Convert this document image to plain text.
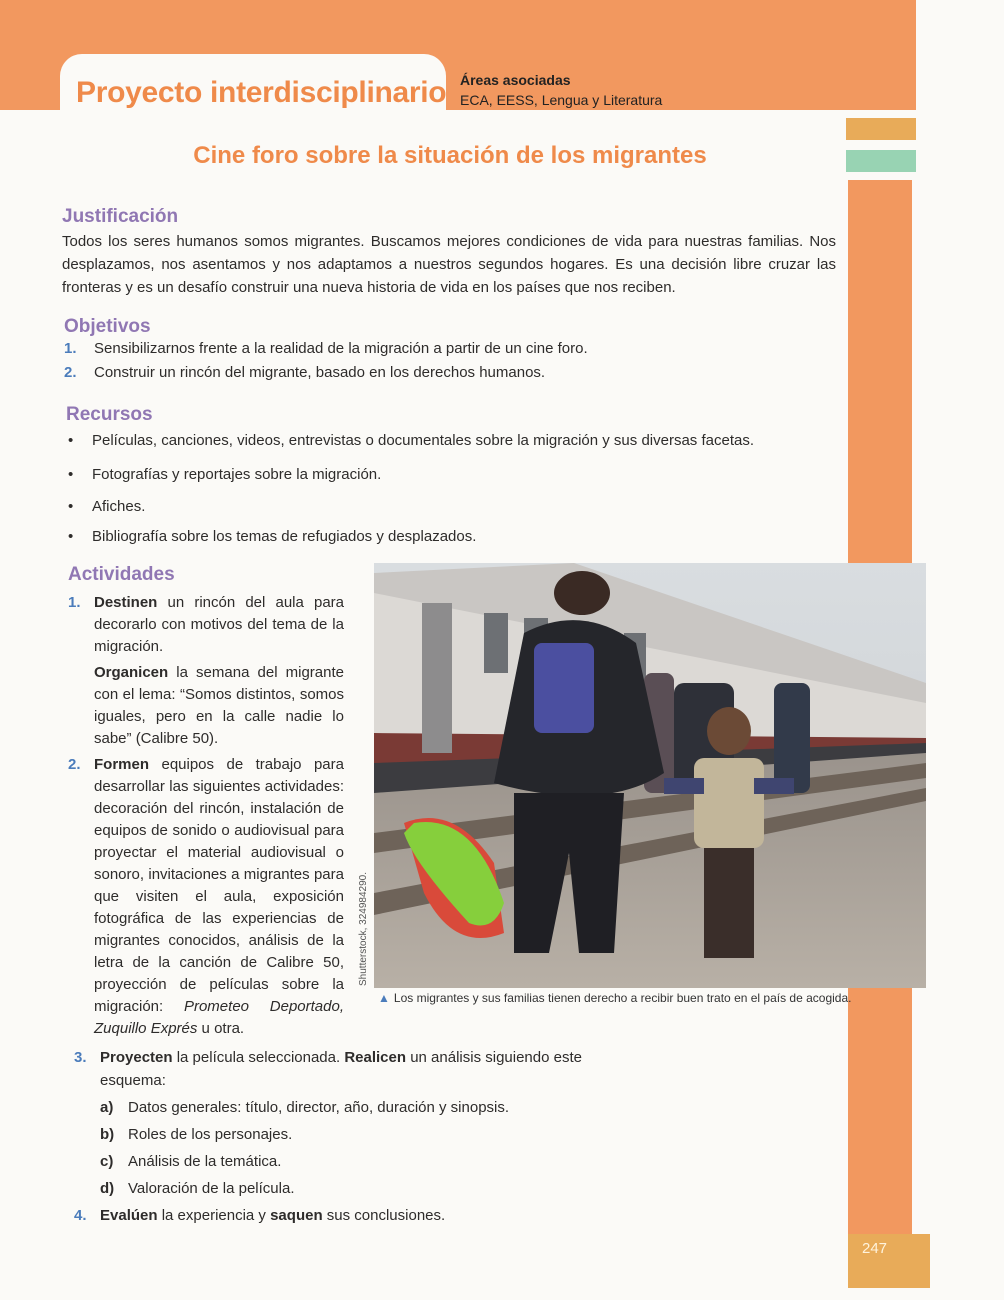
Proyecto interdisciplinario Áreas asociadas
ECA, EESS, Lengua y Literatura
247
Cine foro sobre la situación de los migrantes
Justificación

Todos los seres humanos somos migrantes. Buscamos mejores condiciones de vida para nuestras familias. Nos desplazamos, nos asentamos y nos adaptamos a nuestros segundos hogares. Es una decisión libre cruzar las fronteras y es un desafío construir una nueva historia de vida en los países que nos reciben.

Objetivos
1. Sensibilizarnos frente a la realidad de la migración a partir de un cine foro.
2. Construir un rincón del migrante, basado en los derechos humanos.
Recursos
• Películas, canciones, videos, entrevistas o documentales sobre la migración y sus diversas facetas.
• Fotografías y reportajes sobre la migración.
• Afiches.
• Bibliografía sobre los temas de refugiados y desplazados.
Actividades

1. Destinen un rincón del aula para decorarlo con motivos del tema de la migración.

Organicen la semana del migrante con el lema: “Somos distintos, somos iguales, pero en la calle nadie lo sabe” (Calibre 50).

2. Formen equipos de trabajo para desarrollar las siguientes actividades: decoración del rincón, instalación de equipos de sonido o audiovisual para proyectar el material audiovisual o sonoro, invitaciones a migrantes para que visiten el aula, exposición fotográfica de las experiencias de migrantes conocidos, análisis de la letra de la canción de Calibre 50, proyección de películas sobre la migración: Prometeo Deportado, Zuquillo Exprés u otra.

Shutterstock, 324984290.
▲ Los migrantes y sus familias tienen derecho a recibir buen trato en el país de acogida.
3. Proyecten la película seleccionada. Realicen un análisis siguiendo este esquema:
a) Datos generales: título, director, año, duración y sinopsis.
b) Roles de los personajes.
c) Análisis de la temática.
d) Valoración de la película.
4. Evalúen la experiencia y saquen sus conclusiones.
